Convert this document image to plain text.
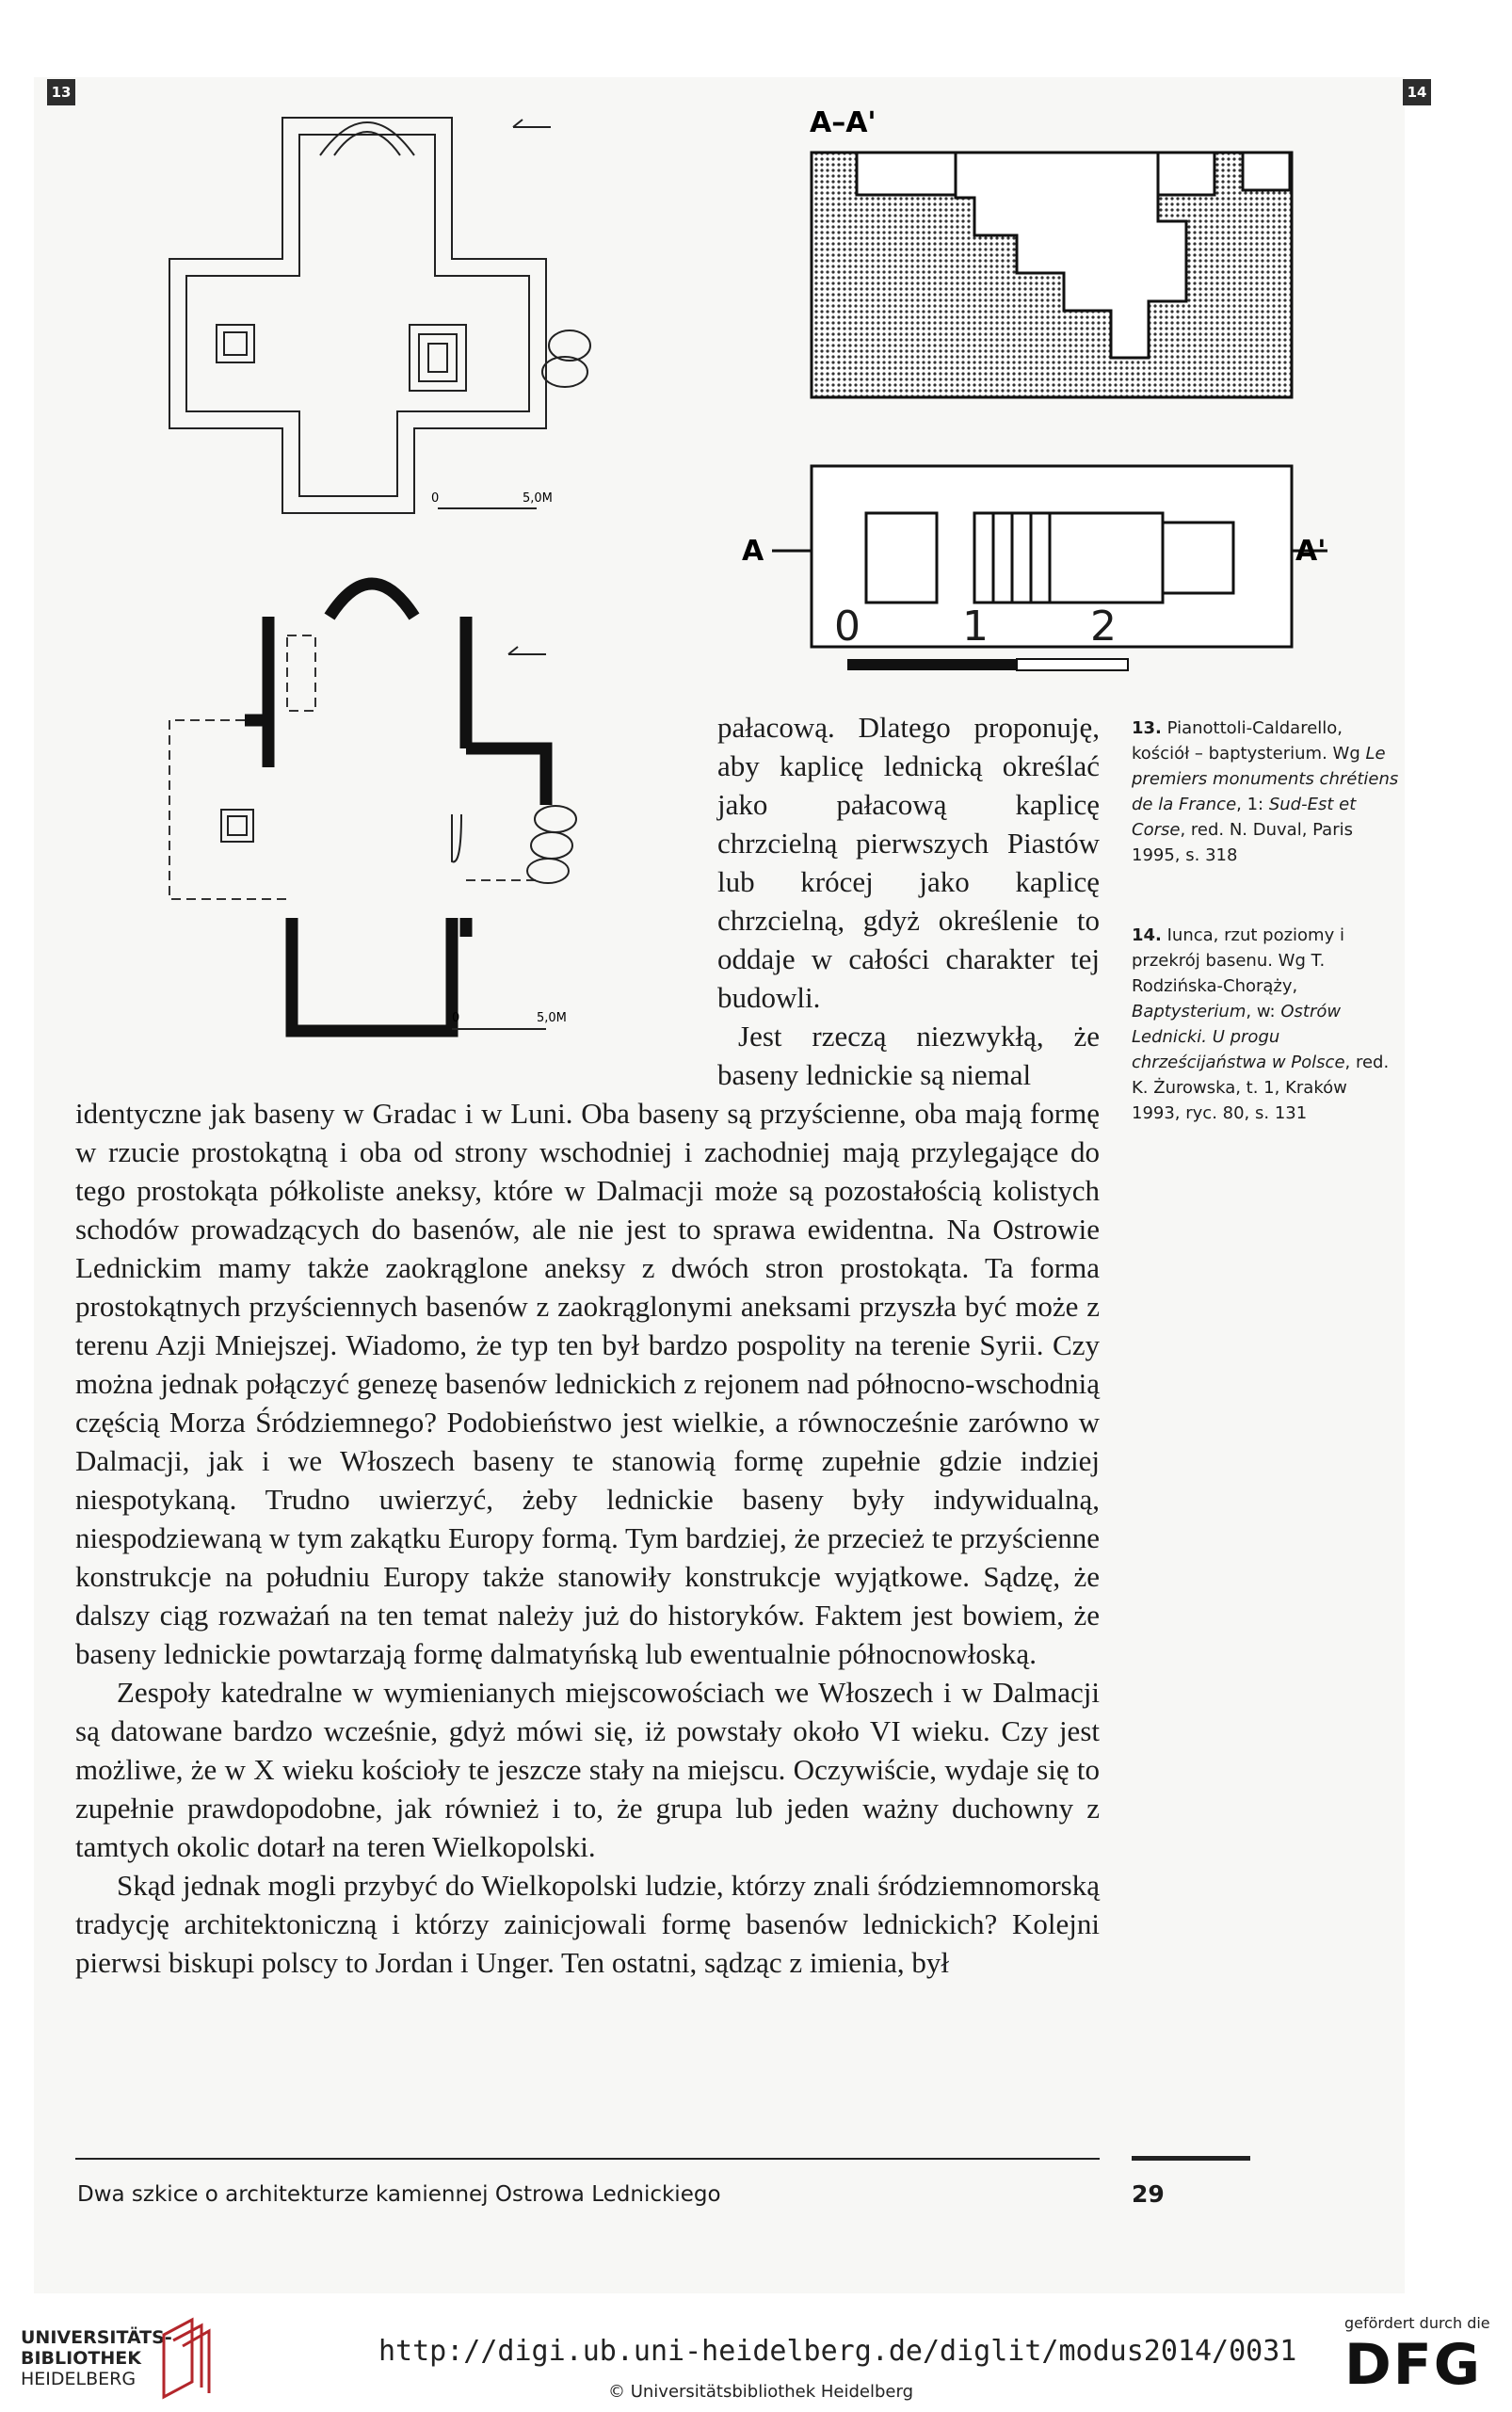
13	14
0	5,0M
0	5,0M
A–A'
A	A'
0 1 2

pałacową. Dlatego proponuję, aby kaplicę lednicką określać jako pałacową kaplicę chrzcielną pierwszych Piastów lub krócej jako kaplicę chrzcielną, gdyż określenie to oddaje w całości charakter tej budowli.

Jest rzeczą niezwykłą, że baseny lednickie są niemal

identyczne jak baseny w Gradac i w Luni. Oba baseny są przyścienne, oba mają formę w rzucie prostokątną i oba od strony wschodniej i zachodniej mają przylegające do tego prostokąta półkoliste aneksy, które w Dalmacji może są pozostałością kolistych schodów prowadzących do basenów, ale nie jest to sprawa ewidentna. Na Ostrowie Lednickim mamy także zaokrąglone aneksy z dwóch stron prostokąta. Ta forma prostokątnych przyściennych basenów z zaokrąglonymi aneksami przyszła być może z terenu Azji Mniejszej. Wiadomo, że typ ten był bardzo pospolity na terenie Syrii. Czy można jednak połączyć genezę basenów lednickich z rejonem nad północno-wschodnią częścią Morza Śródziemnego? Podobieństwo jest wielkie, a równocześnie zarówno w Dalmacji, jak i we Włoszech baseny te stanowią formę zupełnie gdzie indziej niespotykaną. Trudno uwierzyć, żeby lednickie baseny były indywidualną, niespodziewaną w tym zakątku Europy formą. Tym bardziej, że przecież te przyścienne konstrukcje na południu Europy także stanowiły konstrukcje wyjątkowe. Sądzę, że dalszy ciąg rozważań na ten temat należy już do historyków. Faktem jest bowiem, że baseny lednickie powtarzają formę dalmatyńską lub ewentualnie północnowłoską.

Zespoły katedralne w wymienianych miejscowościach we Włoszech i w Dalmacji są datowane bardzo wcześnie, gdyż mówi się, iż powstały około VI wieku. Czy jest możliwe, że w X wieku kościoły te jeszcze stały na miejscu. Oczywiście, wydaje się to zupełnie prawdopodobne, jak również i to, że grupa lub jeden ważny duchowny z tamtych okolic dotarł na teren Wielkopolski.

Skąd jednak mogli przybyć do Wielkopolski ludzie, którzy znali śródziemnomorską tradycję architektoniczną i którzy zainicjowali formę basenów lednickich? Kolejni pierwsi biskupi polscy to Jordan i Unger. Ten ostatni, sądząc z imienia, był

13. Pianottoli-Caldarello, kościół – baptysterium. Wg Le premiers monuments chrétiens de la France, 1: Sud-Est et Corse, red. N. Duval, Paris 1995, s. 318

14. Iunca, rzut poziomy i przekrój basenu. Wg T. Rodzińska-Chorąży, Baptysterium, w: Ostrów Lednicki. U progu chrześcijaństwa w Polsce, red. K. Żurowska, t. 1, Kraków 1993, ryc. 80, s. 131

Dwa szkice o architekturze kamiennej Ostrowa Lednickiego	29
UNIVERSITÄTS-
BIBLIOTHEK
HEIDELBERG
http://digi.ub.uni-heidelberg.de/diglit/modus2014/0031
© Universitätsbibliothek Heidelberg
gefördert durch die
DFG
